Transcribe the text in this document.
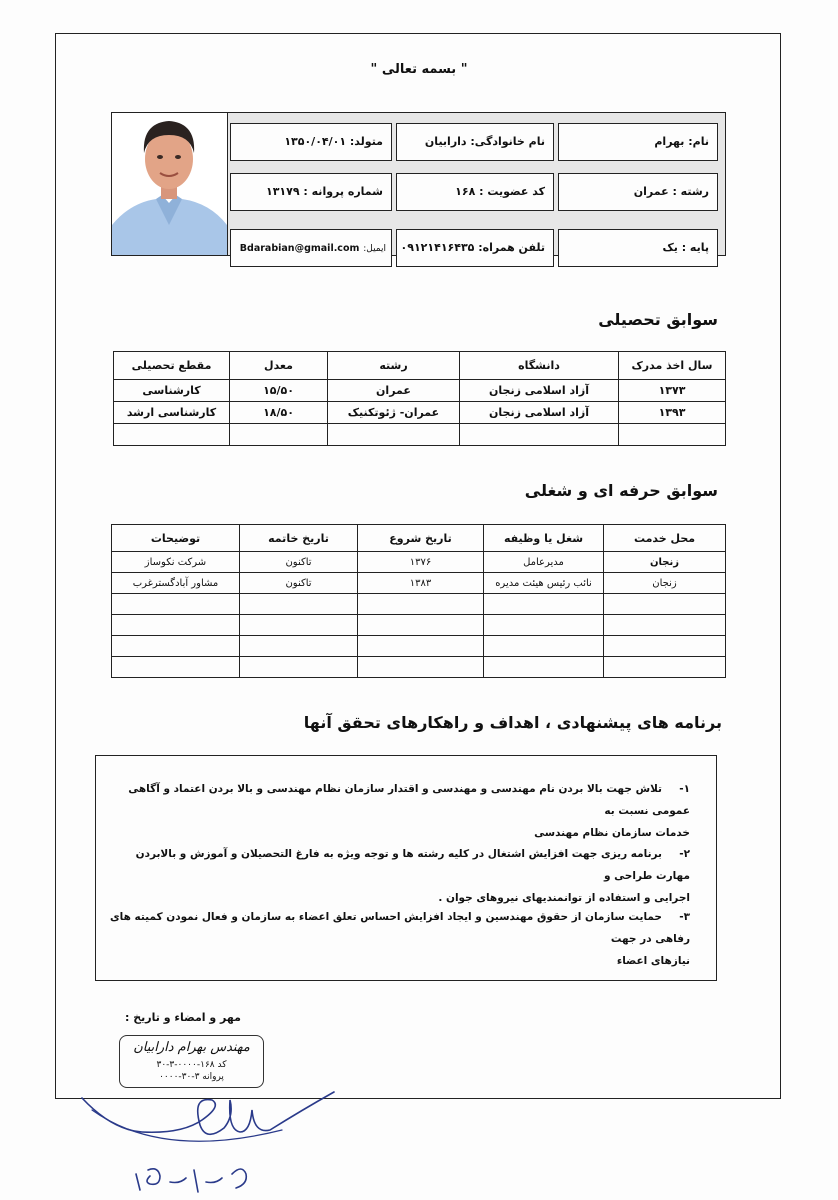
" بسمه تعالی "
نام: بهرام
نام خانوادگی: دارابیان
متولد: ۱۳۵۰/۰۴/۰۱
رشته : عمران
کد عضویت : ۱۶۸
شماره پروانه : ۱۳۱۷۹
پایه : یک
تلفن همراه: ۰۹۱۲۱۴۱۶۴۳۵
ایمیل: Bdarabian@gmail.com
سوابق تحصیلی
سال اخذ مدرک	دانشگاه	رشته	معدل	مقطع تحصیلی
۱۳۷۳	آزاد اسلامی زنجان	عمران	۱۵/۵۰	کارشناسی
۱۳۹۳	آزاد اسلامی زنجان	عمران- ژئوتکنیک	۱۸/۵۰	کارشناسی ارشد

سوابق حرفه ای و شغلی
محل خدمت	شغل یا وظیفه	تاریخ شروع	تاریخ خاتمه	توضیحات
زنجان	مدیرعامل	۱۳۷۶	تاکنون	شرکت نکوساز
زنجان	نائب رئیس هیئت مدیره	۱۳۸۳	تاکنون	مشاور آبادگسترغرب

برنامه های پیشنهادی ، اهداف و راهکارهای تحقق آنها
۱-تلاش جهت بالا بردن نام مهندسی و مهندسی و اقتدار سازمان نظام مهندسی و بالا بردن اعتماد و آگاهی عمومی نسبت به
خدمات سازمان نظام مهندسی
۲-برنامه ریزی جهت افزایش اشتغال در کلیه رشته ها و توجه ویژه به فارغ التحصیلان و آموزش و بالابردن مهارت طراحی و
اجرایی و استفاده از توانمندیهای نیروهای جوان .
۳-حمایت سازمان از حقوق مهندسین و ایجاد افزایش احساس تعلق اعضاء به سازمان و فعال نمودن کمیته های رفاهی در جهت
نیازهای اعضاء
مهر و امضاء و تاریخ :
مهندس بهرام دارابیان
کد ۱۶۸-۰۰۰۰-۳-۳۰
پروانه ۳-۳۰-۰۰۰۰
